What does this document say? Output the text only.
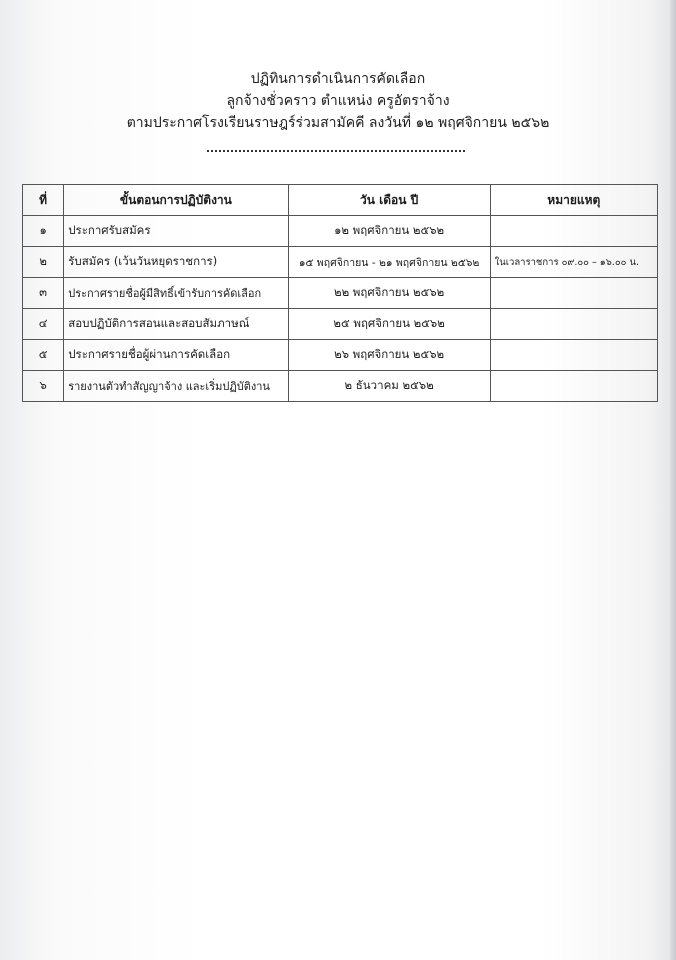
ปฏิทินการดำเนินการคัดเลือก
ลูกจ้างชั่วคราว ตำแหน่ง ครูอัตราจ้าง
ตามประกาศโรงเรียนราษฎร์ร่วมสามัคคี ลงวันที่ ๑๒ พฤศจิกายน ๒๕๖๒
ที่	ขั้นตอนการปฏิบัติงาน	วัน เดือน ปี	หมายแหตุ
๑	ประกาศรับสมัคร	๑๒ พฤศจิกายน ๒๕๖๒	
๒	รับสมัคร (เว้นวันหยุดราชการ)	๑๕ พฤศจิกายน - ๒๑ พฤศจิกายน ๒๕๖๒	ในเวลาราชการ ๐๙.๐๐ – ๑๖.๐๐ น.
๓	ประกาศรายชื่อผู้มีสิทธิ์เข้ารับการคัดเลือก	๒๒ พฤศจิกายน ๒๕๖๒	
๔	สอบปฏิบัติการสอนและสอบสัมภาษณ์	๒๕ พฤศจิกายน ๒๕๖๒	
๕	ประกาศรายชื่อผู้ผ่านการคัดเลือก	๒๖ พฤศจิกายน ๒๕๖๒	
๖	รายงานตัวทำสัญญาจ้าง และเริ่มปฏิบัติงาน	๒ ธันวาคม ๒๕๖๒	
